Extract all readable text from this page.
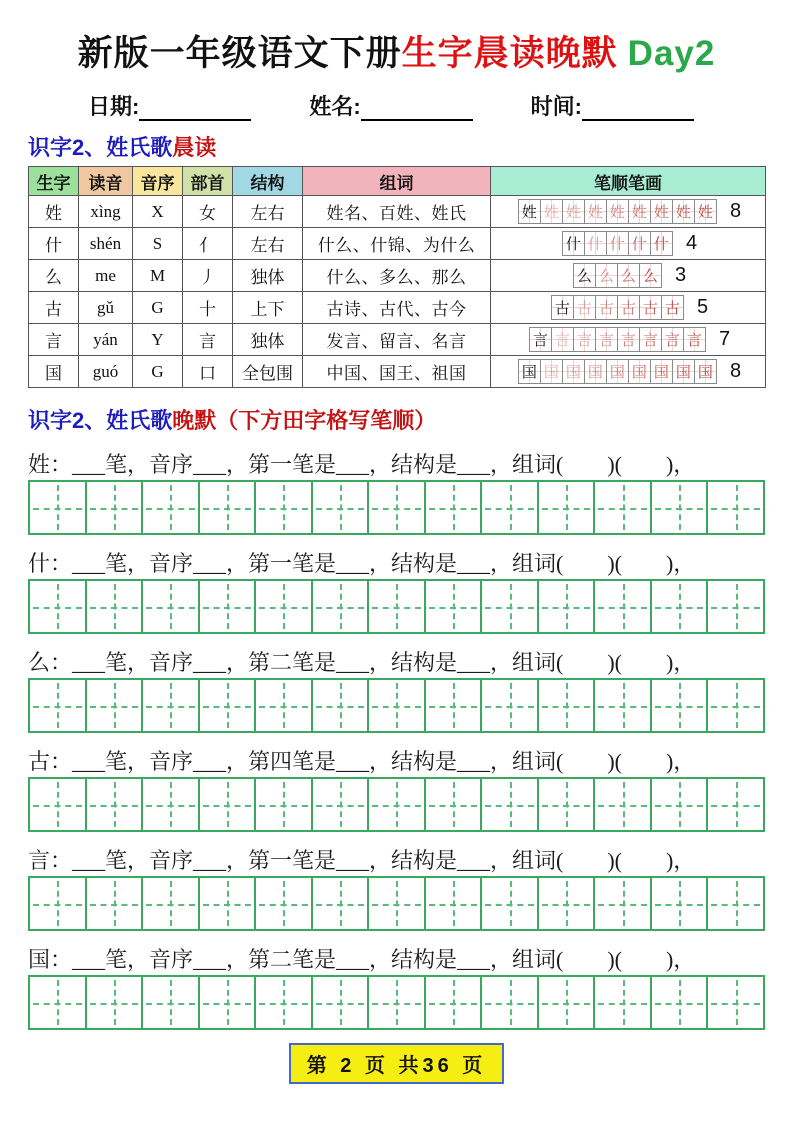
新版一年级语文下册生字晨读晚默 Day2
日期:	姓名:	时间:
识字2、姓氏歌晨读
生字	读音	音序	部首	结构	组词	笔顺笔画
姓	xìng	X	女	左右	姓名、百姓、姓氏	姓 姓 姓 姓 姓 姓 姓 姓 姓 8
什	shén	S	亻	左右	什么、什锦、为什么	什 什 什 什 什 4
么	me	M	丿	独体	什么、多么、那么	么 么 么 么 3
古	gǔ	G	十	上下	古诗、古代、古今	古 古 古 古 古 古 5
言	yán	Y	言	独体	发言、留言、名言	言 言 言 言 言 言 言 言 7
国	guó	G	口	全包围	中国、国王、祖国	国 国 国 国 国 国 国 国 国 8
识字2、姓氏歌晚默（下方田字格写笔顺）
姓：___笔，音序___，第一笔是___，结构是___，组词(　　)(　　)，
什：___笔，音序___，第一笔是___，结构是___，组词(　　)(　　)，
么：___笔，音序___，第二笔是___，结构是___，组词(　　)(　　)，
古：___笔，音序___，第四笔是___，结构是___，组词(　　)(　　)，
言：___笔，音序___，第一笔是___，结构是___，组词(　　)(　　)，
国：___笔，音序___，第二笔是___，结构是___，组词(　　)(　　)，
第 2 页 共36 页
